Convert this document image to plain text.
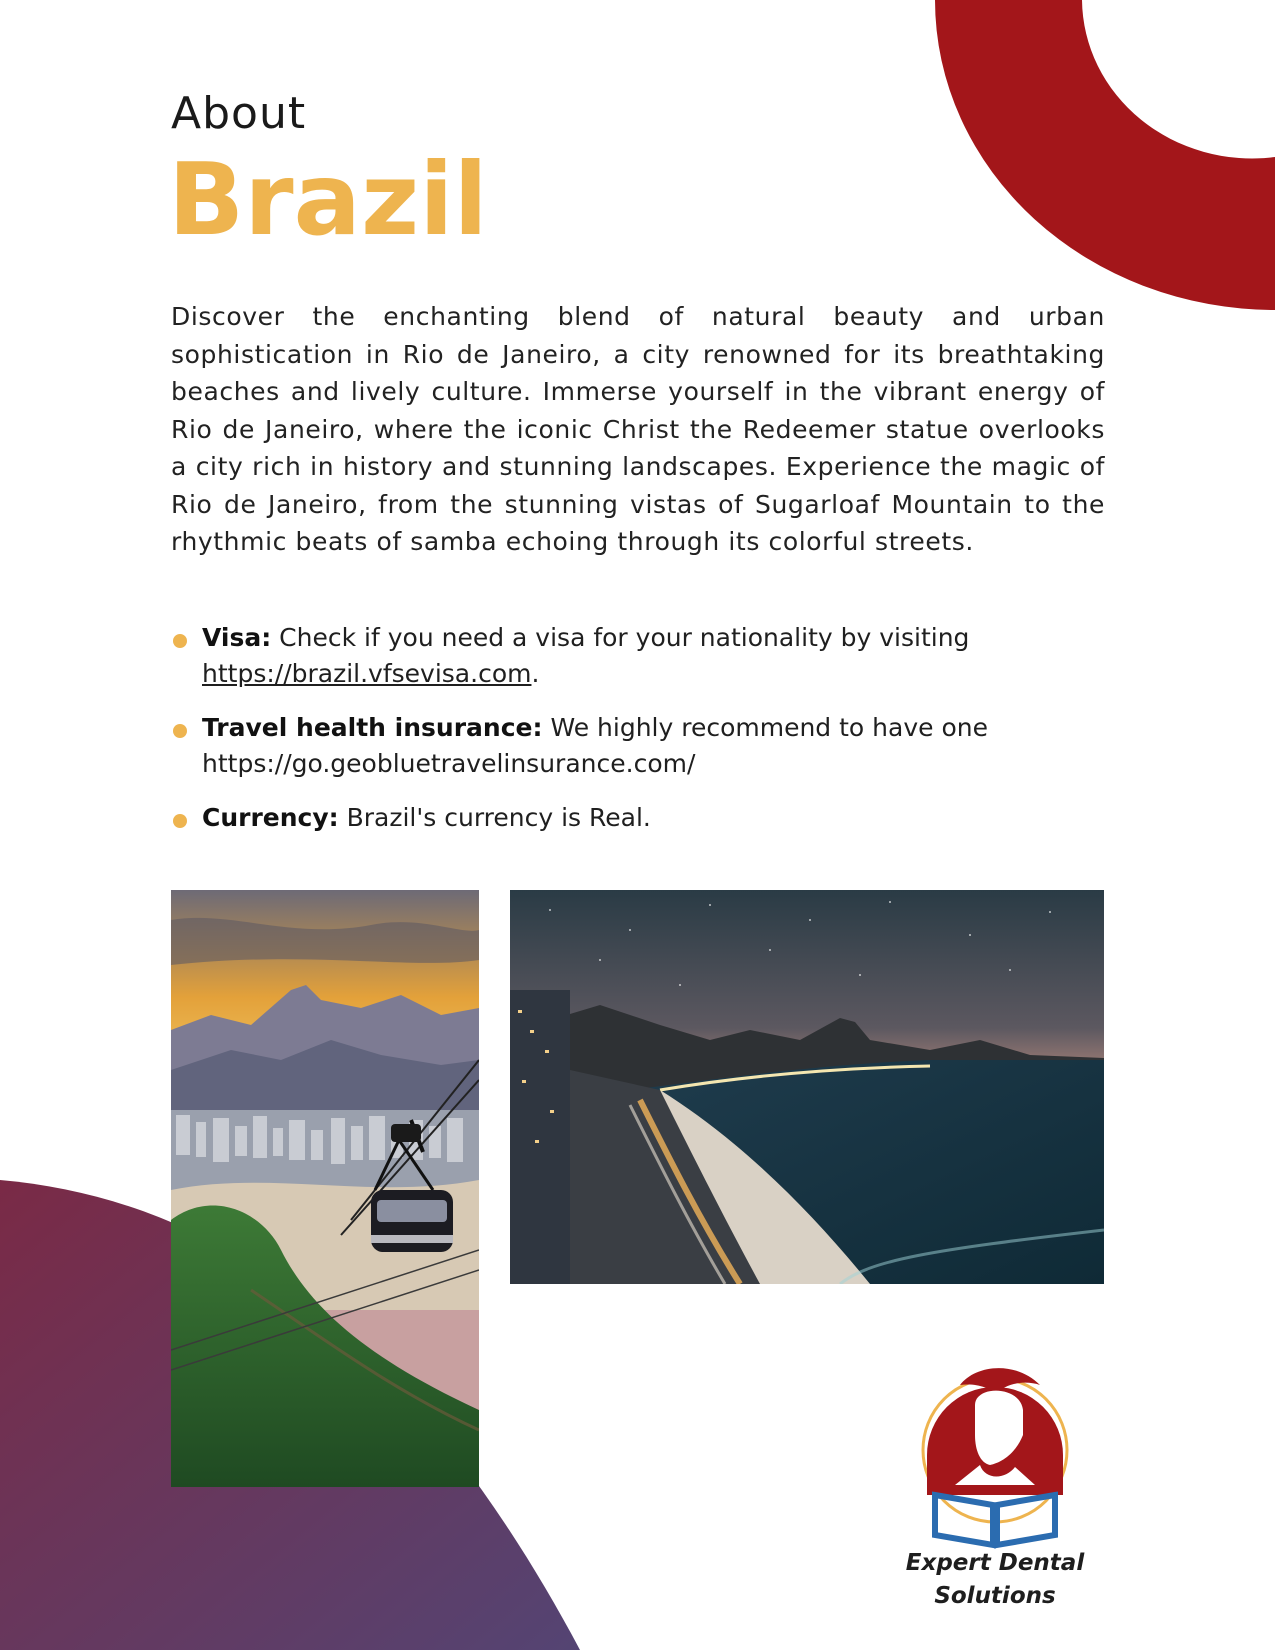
About
Brazil

Discover the enchanting blend of natural beauty and urban sophistication in Rio de Janeiro, a city renowned for its breathtaking beaches and lively culture. Immerse yourself in the vibrant energy of Rio de Janeiro, where the iconic Christ the Redeemer statue overlooks a city rich in history and stunning landscapes. Experience the magic of Rio de Janeiro, from the stunning vistas of Sugarloaf Mountain to the rhythmic beats of samba echoing through its colorful streets.

Visa: Check if you need a visa for your nationality by visiting
https://brazil.vfsevisa.com.
Travel health insurance: We highly recommend to have one
https://go.geobluetravelinsurance.com/
Currency: Brazil's currency is Real.
Expert Dental
Solutions
